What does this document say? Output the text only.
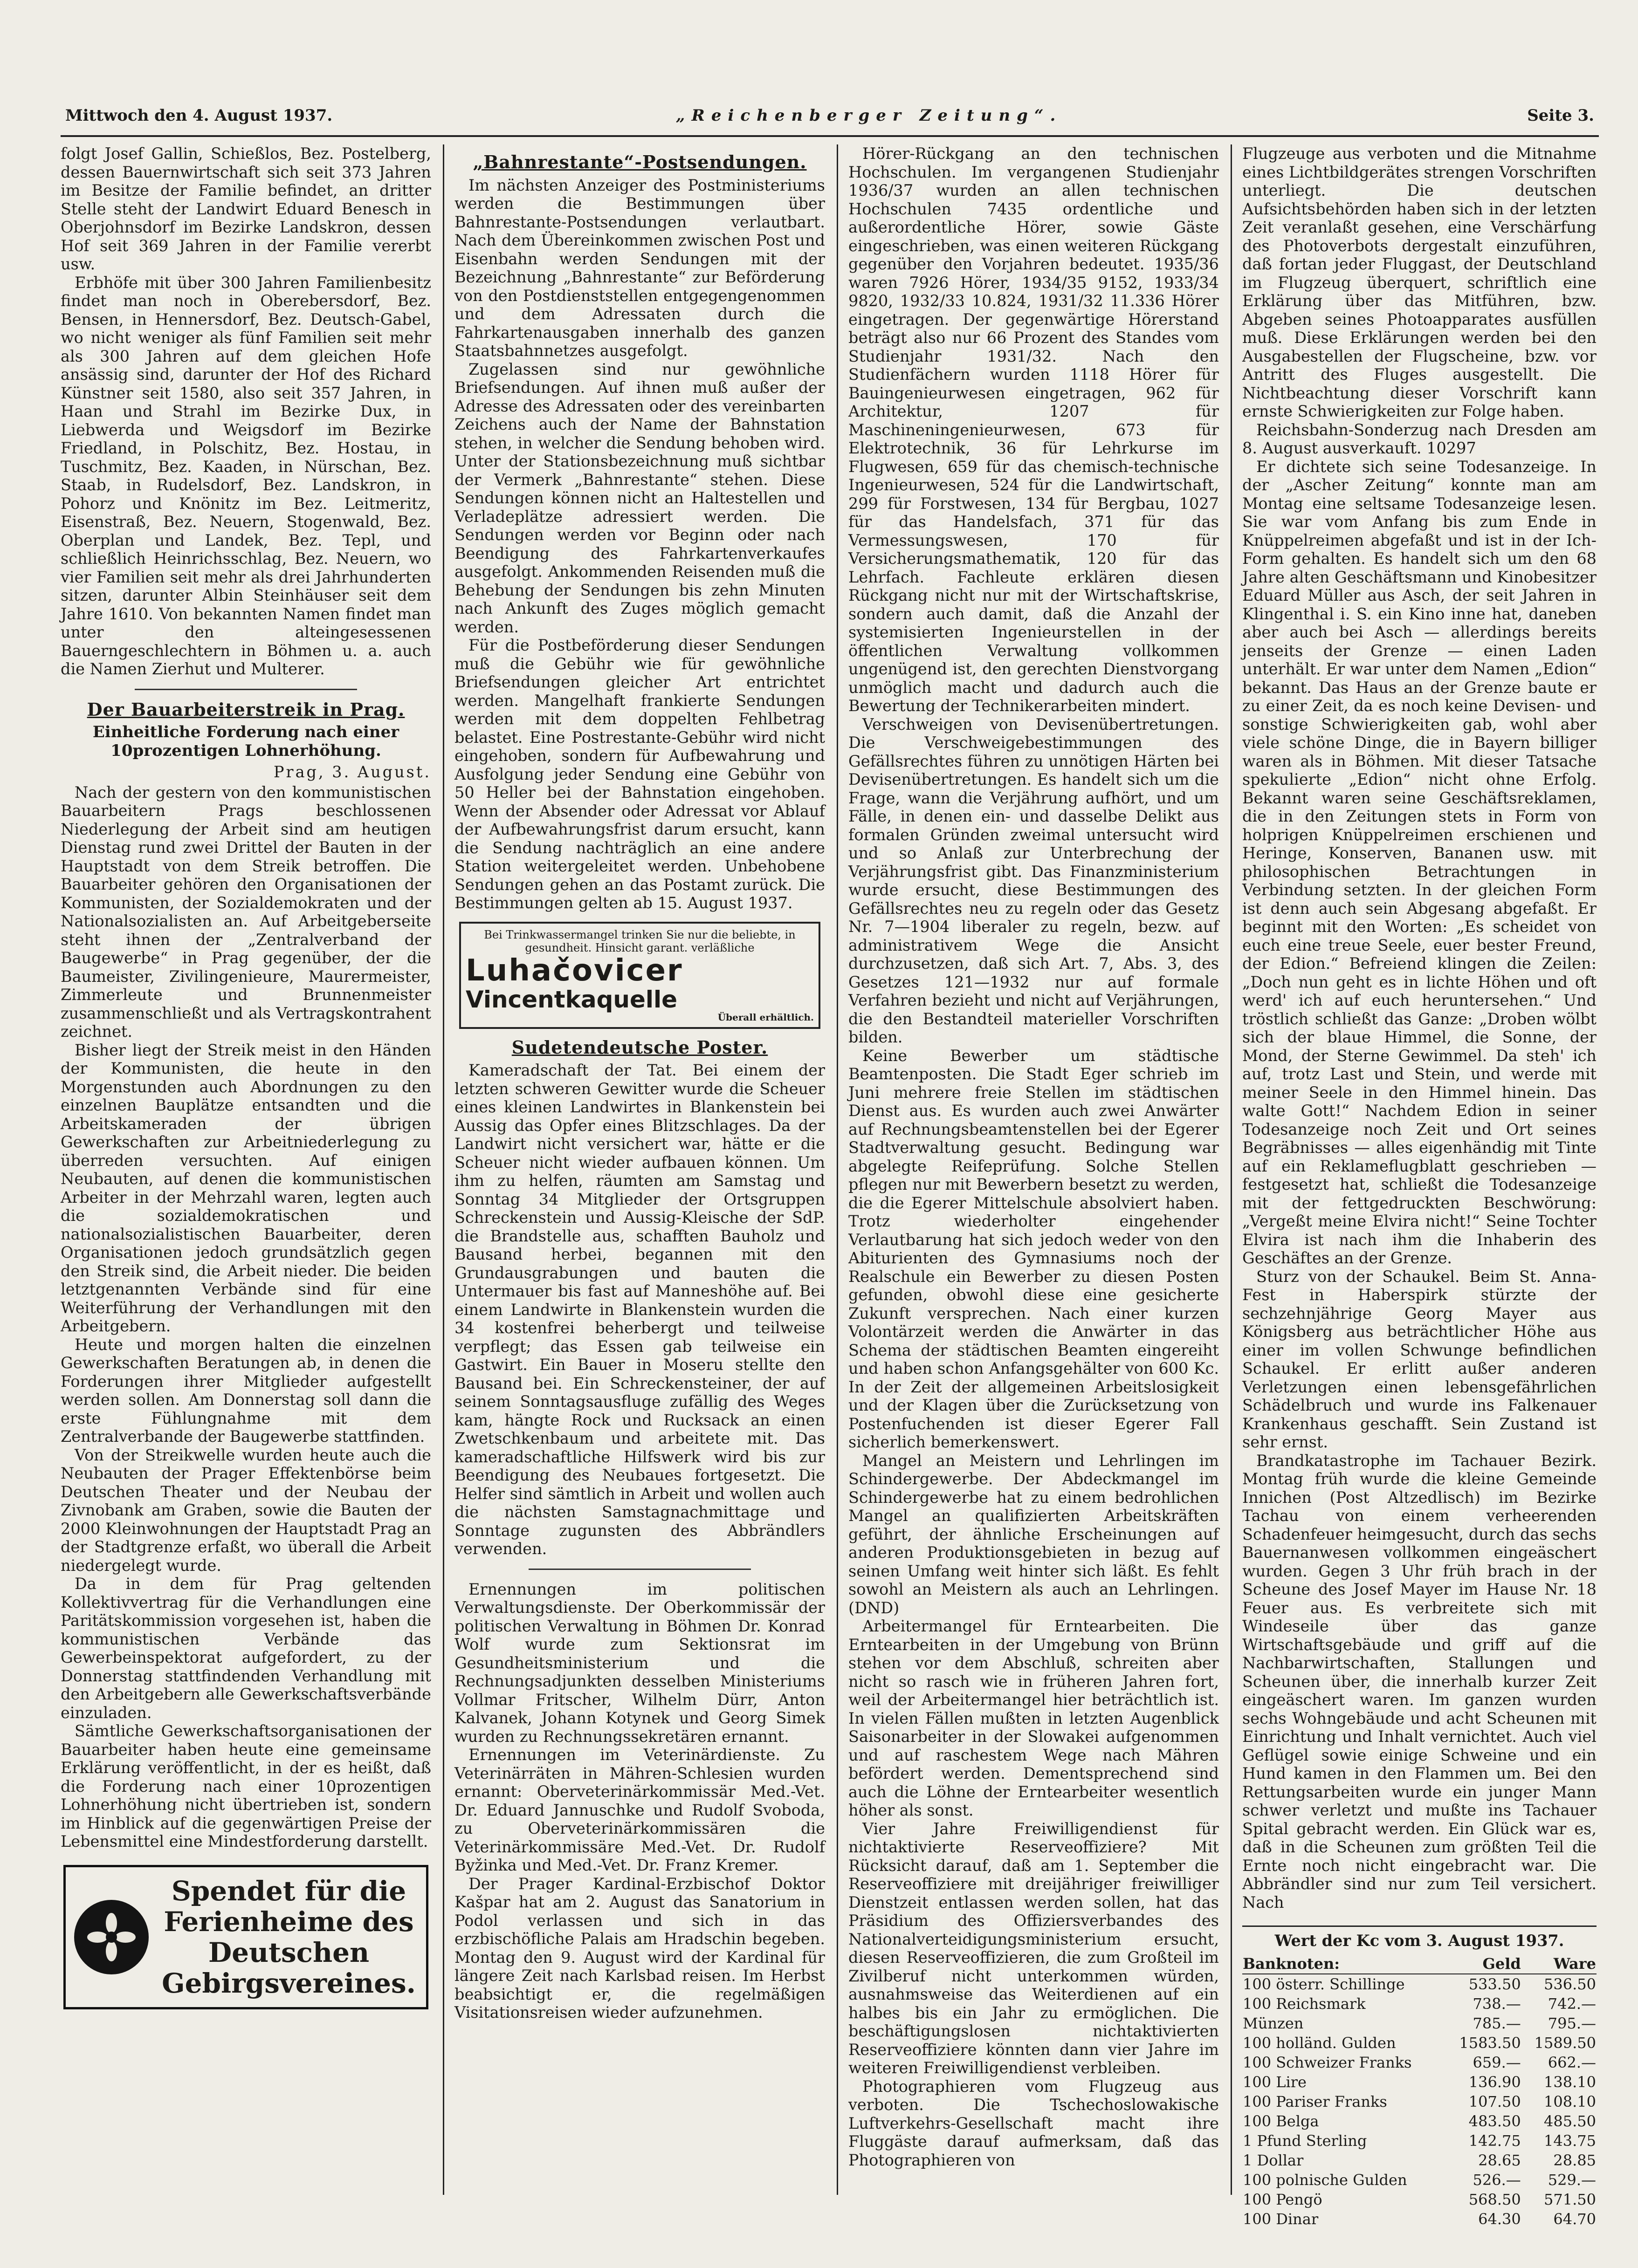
Mittwoch den 4. August 1937.	„Reichenberger Zeitung“.	Seite 3.

folgt Josef Gallin, Schießlos, Bez. Postelberg, dessen Bauernwirtschaft sich seit 373 Jahren im Besitze der Familie befindet, an dritter Stelle steht der Landwirt Eduard Benesch in Oberjohnsdorf im Bezirke Landskron, dessen Hof seit 369 Jahren in der Familie vererbt usw.

Erbhöfe mit über 300 Jahren Familienbesitz findet man noch in Oberebersdorf, Bez. Bensen, in Hennersdorf, Bez. Deutsch-Gabel, wo nicht weniger als fünf Familien seit mehr als 300 Jahren auf dem gleichen Hofe ansässig sind, darunter der Hof des Richard Künstner seit 1580, also seit 357 Jahren, in Haan und Strahl im Bezirke Dux, in Liebwerda und Weigsdorf im Bezirke Friedland, in Polschitz, Bez. Hostau, in Tuschmitz, Bez. Kaaden, in Nürschan, Bez. Staab, in Rudelsdorf, Bez. Landskron, in Pohorz und Knönitz im Bez. Leitmeritz, Eisenstraß, Bez. Neuern, Stogenwald, Bez. Oberplan und Landek, Bez. Tepl, und schließlich Heinrichsschlag, Bez. Neuern, wo vier Familien seit mehr als drei Jahrhunderten sitzen, darunter Albin Steinhäuser seit dem Jahre 1610. Von bekannten Namen findet man unter den alteingesessenen Bauerngeschlechtern in Böhmen u. a. auch die Namen Zierhut und Multerer.

Der Bauarbeiterstreik in Prag.
Einheitliche Forderung nach einer 10prozentigen Lohnerhöhung.
Prag, 3. August.

Nach der gestern von den kommunistischen Bauarbeitern Prags beschlossenen Niederlegung der Arbeit sind am heutigen Dienstag rund zwei Drittel der Bauten in der Hauptstadt von dem Streik betroffen. Die Bauarbeiter gehören den Organisationen der Kommunisten, der Sozialdemokraten und der Nationalsozialisten an. Auf Arbeitgeberseite steht ihnen der „Zentralverband der Baugewerbe“ in Prag gegenüber, der die Baumeister, Zivilingenieure, Maurermeister, Zimmerleute und Brunnenmeister zusammenschließt und als Vertragskontrahent zeichnet.

Bisher liegt der Streik meist in den Händen der Kommunisten, die heute in den Morgenstunden auch Abordnungen zu den einzelnen Bauplätze entsandten und die Arbeitskameraden der übrigen Gewerkschaften zur Arbeitniederlegung zu überreden versuchten. Auf einigen Neubauten, auf denen die kommunistischen Arbeiter in der Mehrzahl waren, legten auch die sozialdemokratischen und nationalsozialistischen Bauarbeiter, deren Organisationen jedoch grundsätzlich gegen den Streik sind, die Arbeit nieder. Die beiden letztgenannten Verbände sind für eine Weiterführung der Verhandlungen mit den Arbeitgebern.

Heute und morgen halten die einzelnen Gewerkschaften Beratungen ab, in denen die Forderungen ihrer Mitglieder aufgestellt werden sollen. Am Donnerstag soll dann die erste Fühlungnahme mit dem Zentralverbande der Baugewerbe stattfinden.

Von der Streikwelle wurden heute auch die Neubauten der Prager Effektenbörse beim Deutschen Theater und der Neubau der Zivnobank am Graben, sowie die Bauten der 2000 Kleinwohnungen der Hauptstadt Prag an der Stadtgrenze erfaßt, wo überall die Arbeit niedergelegt wurde.

Da in dem für Prag geltenden Kollektivvertrag für die Verhandlungen eine Paritätskommission vorgesehen ist, haben die kommunistischen Verbände das Gewerbeinspektorat aufgefordert, zu der Donnerstag stattfindenden Verhandlung mit den Arbeitgebern alle Gewerkschaftsverbände einzuladen.

Sämtliche Gewerkschaftsorganisationen der Bauarbeiter haben heute eine gemeinsame Erklärung veröffentlicht, in der es heißt, daß die Forderung nach einer 10prozentigen Lohnerhöhung nicht übertrieben ist, sondern im Hinblick auf die gegenwärtigen Preise der Lebensmittel eine Mindestforderung darstellt.

Spendet für die Ferienheime des Deutschen Gebirgsvereines.
„Bahnrestante“-Postsendungen.

Im nächsten Anzeiger des Postministeriums werden die Bestimmungen über Bahnrestante-Postsendungen verlautbart. Nach dem Übereinkommen zwischen Post und Eisenbahn werden Sendungen mit der Bezeichnung „Bahnrestante“ zur Beförderung von den Postdienststellen entgegengenommen und dem Adressaten durch die Fahrkartenausgaben innerhalb des ganzen Staatsbahnnetzes ausgefolgt.

Zugelassen sind nur gewöhnliche Briefsendungen. Auf ihnen muß außer der Adresse des Adressaten oder des vereinbarten Zeichens auch der Name der Bahnstation stehen, in welcher die Sendung behoben wird. Unter der Stationsbezeichnung muß sichtbar der Vermerk „Bahnrestante“ stehen. Diese Sendungen können nicht an Haltestellen und Verladeplätze adressiert werden. Die Sendungen werden vor Beginn oder nach Beendigung des Fahrkartenverkaufes ausgefolgt. Ankommenden Reisenden muß die Behebung der Sendungen bis zehn Minuten nach Ankunft des Zuges möglich gemacht werden.

Für die Postbeförderung dieser Sendungen muß die Gebühr wie für gewöhnliche Briefsendungen gleicher Art entrichtet werden. Mangelhaft frankierte Sendungen werden mit dem doppelten Fehlbetrag belastet. Eine Postrestante-Gebühr wird nicht eingehoben, sondern für Aufbewahrung und Ausfolgung jeder Sendung eine Gebühr von 50 Heller bei der Bahnstation eingehoben. Wenn der Absender oder Adressat vor Ablauf der Aufbewahrungsfrist darum ersucht, kann die Sendung nachträglich an eine andere Station weitergeleitet werden. Unbehobene Sendungen gehen an das Postamt zurück. Die Bestimmungen gelten ab 15. August 1937.

Bei Trinkwassermangel trinken Sie nur die beliebte, in gesundheit. Hinsicht garant. verläßliche
Luhačovicer
Vincentkaquelle
Überall erhältlich.
Sudetendeutsche Poster.

Kameradschaft der Tat. Bei einem der letzten schweren Gewitter wurde die Scheuer eines kleinen Landwirtes in Blankenstein bei Aussig das Opfer eines Blitzschlages. Da der Landwirt nicht versichert war, hätte er die Scheuer nicht wieder aufbauen können. Um ihm zu helfen, räumten am Samstag und Sonntag 34 Mitglieder der Ortsgruppen Schreckenstein und Aussig-Kleische der SdP. die Brandstelle aus, schafften Bauholz und Bausand herbei, begannen mit den Grundausgrabungen und bauten die Untermauer bis fast auf Manneshöhe auf. Bei einem Landwirte in Blankenstein wurden die 34 kostenfrei beherbergt und teilweise verpflegt; das Essen gab teilweise ein Gastwirt. Ein Bauer in Moseru stellte den Bausand bei. Ein Schreckensteiner, der auf seinem Sonntagsausfluge zufällig des Weges kam, hängte Rock und Rucksack an einen Zwetschkenbaum und arbeitete mit. Das kameradschaftliche Hilfswerk wird bis zur Beendigung des Neubaues fortgesetzt. Die Helfer sind sämtlich in Arbeit und wollen auch die nächsten Samstagnachmittage und Sonntage zugunsten des Abbrändlers verwenden.

Ernennungen im politischen Verwaltungsdienste. Der Oberkommissär der politischen Verwaltung in Böhmen Dr. Konrad Wolf wurde zum Sektionsrat im Gesundheitsministerium und die Rechnungsadjunkten desselben Ministeriums Vollmar Fritscher, Wilhelm Dürr, Anton Kalvanek, Johann Kotynek und Georg Simek wurden zu Rechnungssekretären ernannt.

Ernennungen im Veterinärdienste. Zu Veterinärräten in Mähren-Schlesien wurden ernannt: Oberveterinärkommissär Med.-Vet. Dr. Eduard Jannuschke und Rudolf Svoboda, zu Oberveterinärkommissären die Veterinärkommissäre Med.-Vet. Dr. Rudolf Byžinka und Med.-Vet. Dr. Franz Kremer.

Der Prager Kardinal-Erzbischof Doktor Kašpar hat am 2. August das Sanatorium in Podol verlassen und sich in das erzbischöfliche Palais am Hradschin begeben. Montag den 9. August wird der Kardinal für längere Zeit nach Karlsbad reisen. Im Herbst beabsichtigt er, die regelmäßigen Visitationsreisen wieder aufzunehmen.

Hörer-Rückgang an den technischen Hochschulen. Im vergangenen Studienjahr 1936/37 wurden an allen technischen Hochschulen 7435 ordentliche und außerordentliche Hörer, sowie Gäste eingeschrieben, was einen weiteren Rückgang gegenüber den Vorjahren bedeutet. 1935/36 waren 7926 Hörer, 1934/35 9152, 1933/34 9820, 1932/33 10.824, 1931/32 11.336 Hörer eingetragen. Der gegenwärtige Hörerstand beträgt also nur 66 Prozent des Standes vom Studienjahr 1931/32. Nach den Studienfächern wurden 1118 Hörer für Bauingenieurwesen eingetragen, 962 für Architektur, 1207 für Maschineningenieurwesen, 673 für Elektrotechnik, 36 für Lehrkurse im Flugwesen, 659 für das chemisch-technische Ingenieurwesen, 524 für die Landwirtschaft, 299 für Forstwesen, 134 für Bergbau, 1027 für das Handelsfach, 371 für das Vermessungswesen, 170 für Versicherungsmathematik, 120 für das Lehrfach. Fachleute erklären diesen Rückgang nicht nur mit der Wirtschaftskrise, sondern auch damit, daß die Anzahl der systemisierten Ingenieurstellen in der öffentlichen Verwaltung vollkommen ungenügend ist, den gerechten Dienstvorgang unmöglich macht und dadurch auch die Bewertung der Technikerarbeiten mindert.

Verschweigen von Devisenübertretungen. Die Verschweigebestimmungen des Gefällsrechtes führen zu unnötigen Härten bei Devisenübertretungen. Es handelt sich um die Frage, wann die Verjährung aufhört, und um Fälle, in denen ein- und dasselbe Delikt aus formalen Gründen zweimal untersucht wird und so Anlaß zur Unterbrechung der Verjährungsfrist gibt. Das Finanzministerium wurde ersucht, diese Bestimmungen des Gefällsrechtes neu zu regeln oder das Gesetz Nr. 7—1904 liberaler zu regeln, bezw. auf administrativem Wege die Ansicht durchzusetzen, daß sich Art. 7, Abs. 3, des Gesetzes 121—1932 nur auf formale Verfahren bezieht und nicht auf Verjährungen, die den Bestandteil materieller Vorschriften bilden.

Keine Bewerber um städtische Beamtenposten. Die Stadt Eger schrieb im Juni mehrere freie Stellen im städtischen Dienst aus. Es wurden auch zwei Anwärter auf Rechnungsbeamtenstellen bei der Egerer Stadtverwaltung gesucht. Bedingung war abgelegte Reifeprüfung. Solche Stellen pflegen nur mit Bewerbern besetzt zu werden, die die Egerer Mittelschule absolviert haben. Trotz wiederholter eingehender Verlautbarung hat sich jedoch weder von den Abiturienten des Gymnasiums noch der Realschule ein Bewerber zu diesen Posten gefunden, obwohl diese eine gesicherte Zukunft versprechen. Nach einer kurzen Volontärzeit werden die Anwärter in das Schema der städtischen Beamten eingereiht und haben schon Anfangsgehälter von 600 Kc. In der Zeit der allgemeinen Arbeitslosigkeit und der Klagen über die Zurücksetzung von Postenfuchenden ist dieser Egerer Fall sicherlich bemerkenswert.

Mangel an Meistern und Lehrlingen im Schindergewerbe. Der Abdeckmangel im Schindergewerbe hat zu einem bedrohlichen Mangel an qualifizierten Arbeitskräften geführt, der ähnliche Erscheinungen auf anderen Produktionsgebieten in bezug auf seinen Umfang weit hinter sich läßt. Es fehlt sowohl an Meistern als auch an Lehrlingen. (DND)

Arbeitermangel für Erntearbeiten. Die Erntearbeiten in der Umgebung von Brünn stehen vor dem Abschluß, schreiten aber nicht so rasch wie in früheren Jahren fort, weil der Arbeitermangel hier beträchtlich ist. In vielen Fällen mußten in letzten Augenblick Saisonarbeiter in der Slowakei aufgenommen und auf raschestem Wege nach Mähren befördert werden. Dementsprechend sind auch die Löhne der Erntearbeiter wesentlich höher als sonst.

Vier Jahre Freiwilligendienst für nichtaktivierte Reserveoffiziere? Mit Rücksicht darauf, daß am 1. September die Reserveoffiziere mit dreijähriger freiwilliger Dienstzeit entlassen werden sollen, hat das Präsidium des Offiziersverbandes des Nationalverteidigungsministerium ersucht, diesen Reserveoffizieren, die zum Großteil im Zivilberuf nicht unterkommen würden, ausnahmsweise das Weiterdienen auf ein halbes bis ein Jahr zu ermöglichen. Die beschäftigungslosen nichtaktivierten Reserveoffiziere könnten dann vier Jahre im weiteren Freiwilligendienst verbleiben.

Photographieren vom Flugzeug aus verboten. Die Tschechoslowakische Luftverkehrs-Gesellschaft macht ihre Fluggäste darauf aufmerksam, daß das Photographieren von

Flugzeuge aus verboten und die Mitnahme eines Lichtbildgerätes strengen Vorschriften unterliegt. Die deutschen Aufsichtsbehörden haben sich in der letzten Zeit veranlaßt gesehen, eine Verschärfung des Photoverbots dergestalt einzuführen, daß fortan jeder Fluggast, der Deutschland im Flugzeug überquert, schriftlich eine Erklärung über das Mitführen, bzw. Abgeben seines Photoapparates ausfüllen muß. Diese Erklärungen werden bei den Ausgabestellen der Flugscheine, bzw. vor Antritt des Fluges ausgestellt. Die Nichtbeachtung dieser Vorschrift kann ernste Schwierigkeiten zur Folge haben.

Reichsbahn-Sonderzug nach Dresden am 8. August ausverkauft. 10297

Er dichtete sich seine Todesanzeige. In der „Ascher Zeitung“ konnte man am Montag eine seltsame Todesanzeige lesen. Sie war vom Anfang bis zum Ende in Knüppelreimen abgefaßt und ist in der Ich-Form gehalten. Es handelt sich um den 68 Jahre alten Geschäftsmann und Kinobesitzer Eduard Müller aus Asch, der seit Jahren in Klingenthal i. S. ein Kino inne hat, daneben aber auch bei Asch — allerdings bereits jenseits der Grenze — einen Laden unterhält. Er war unter dem Namen „Edion“ bekannt. Das Haus an der Grenze baute er zu einer Zeit, da es noch keine Devisen- und sonstige Schwierigkeiten gab, wohl aber viele schöne Dinge, die in Bayern billiger waren als in Böhmen. Mit dieser Tatsache spekulierte „Edion“ nicht ohne Erfolg. Bekannt waren seine Geschäftsreklamen, die in den Zeitungen stets in Form von holprigen Knüppelreimen erschienen und Heringe, Konserven, Bananen usw. mit philosophischen Betrachtungen in Verbindung setzten. In der gleichen Form ist denn auch sein Abgesang abgefaßt. Er beginnt mit den Worten: „Es scheidet von euch eine treue Seele, euer bester Freund, der Edion.“ Befreiend klingen die Zeilen: „Doch nun geht es in lichte Höhen und oft werd' ich auf euch heruntersehen.“ Und tröstlich schließt das Ganze: „Droben wölbt sich der blaue Himmel, die Sonne, der Mond, der Sterne Gewimmel. Da steh' ich auf, trotz Last und Stein, und werde mit meiner Seele in den Himmel hinein. Das walte Gott!“ Nachdem Edion in seiner Todesanzeige noch Zeit und Ort seines Begräbnisses — alles eigenhändig mit Tinte auf ein Reklameflugblatt geschrieben — festgesetzt hat, schließt die Todesanzeige mit der fettgedruckten Beschwörung: „Vergeßt meine Elvira nicht!“ Seine Tochter Elvira ist nach ihm die Inhaberin des Geschäftes an der Grenze.

Sturz von der Schaukel. Beim St. Anna-Fest in Haberspirk stürzte der sechzehnjährige Georg Mayer aus Königsberg aus beträchtlicher Höhe aus einer im vollen Schwunge befindlichen Schaukel. Er erlitt außer anderen Verletzungen einen lebensgefährlichen Schädelbruch und wurde ins Falkenauer Krankenhaus geschafft. Sein Zustand ist sehr ernst.

Brandkatastrophe im Tachauer Bezirk. Montag früh wurde die kleine Gemeinde Innichen (Post Altzedlisch) im Bezirke Tachau von einem verheerenden Schadenfeuer heimgesucht, durch das sechs Bauernanwesen vollkommen eingeäschert wurden. Gegen 3 Uhr früh brach in der Scheune des Josef Mayer im Hause Nr. 18 Feuer aus. Es verbreitete sich mit Windeseile über das ganze Wirtschaftsgebäude und griff auf die Nachbarwirtschaften, Stallungen und Scheunen über, die innerhalb kurzer Zeit eingeäschert waren. Im ganzen wurden sechs Wohngebäude und acht Scheunen mit Einrichtung und Inhalt vernichtet. Auch viel Geflügel sowie einige Schweine und ein Hund kamen in den Flammen um. Bei den Rettungsarbeiten wurde ein junger Mann schwer verletzt und mußte ins Tachauer Spital gebracht werden. Ein Glück war es, daß in die Scheunen zum größten Teil die Ernte noch nicht eingebracht war. Die Abbrändler sind nur zum Teil versichert. Nach

Wert der Kc vom 3. August 1937.
Banknoten:	Geld	Ware
100 österr. Schillinge	533.50	536.50
100 Reichsmark	738.—	742.—
Münzen	785.—	795.—
100 holländ. Gulden	1583.50	1589.50
100 Schweizer Franks	659.—	662.—
100 Lire	136.90	138.10
100 Pariser Franks	107.50	108.10
100 Belga	483.50	485.50
1 Pfund Sterling	142.75	143.75
1 Dollar	28.65	28.85
100 polnische Gulden	526.—	529.—
100 Pengö	568.50	571.50
100 Dinar	64.30	64.70
